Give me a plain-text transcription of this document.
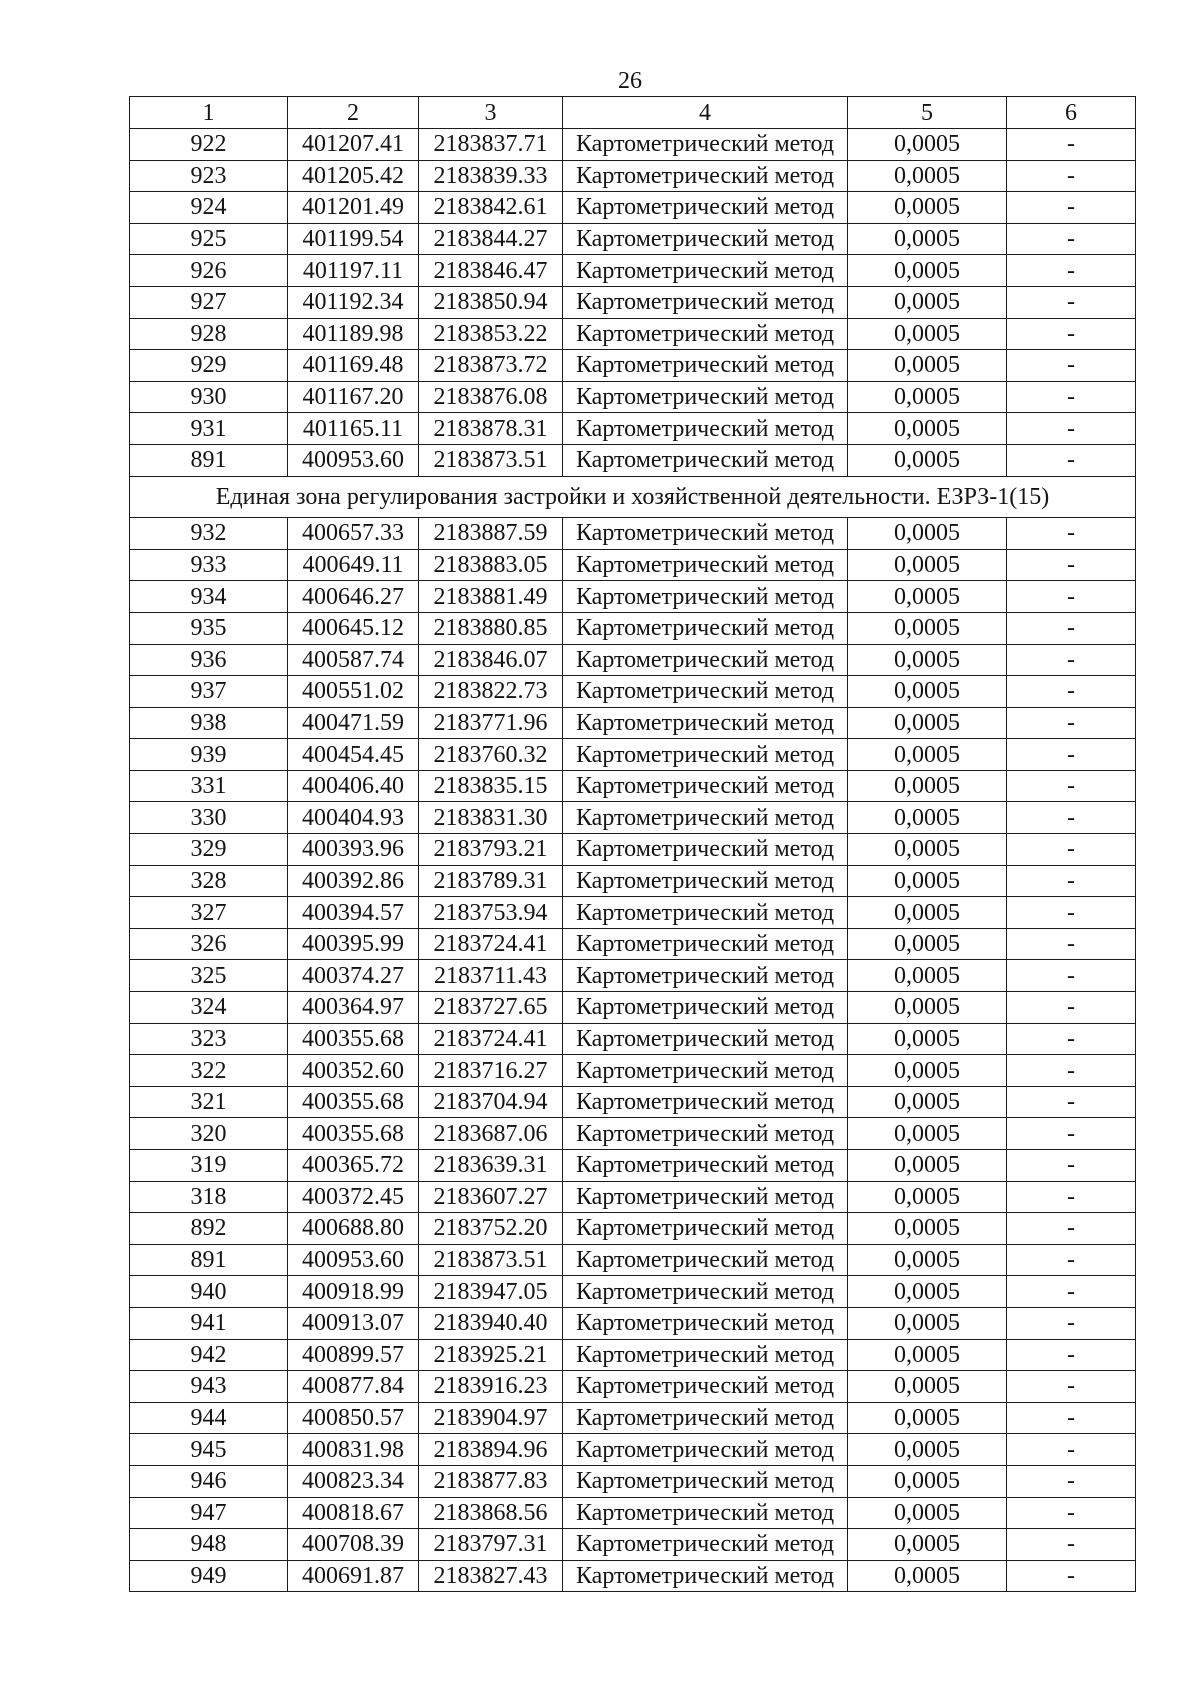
26
1	2	3	4	5	6
922	401207.41	2183837.71	Картометрический метод	0,0005	-
923	401205.42	2183839.33	Картометрический метод	0,0005	-
924	401201.49	2183842.61	Картометрический метод	0,0005	-
925	401199.54	2183844.27	Картометрический метод	0,0005	-
926	401197.11	2183846.47	Картометрический метод	0,0005	-
927	401192.34	2183850.94	Картометрический метод	0,0005	-
928	401189.98	2183853.22	Картометрический метод	0,0005	-
929	401169.48	2183873.72	Картометрический метод	0,0005	-
930	401167.20	2183876.08	Картометрический метод	0,0005	-
931	401165.11	2183878.31	Картометрический метод	0,0005	-
891	400953.60	2183873.51	Картометрический метод	0,0005	-
Единая зона регулирования застройки и хозяйственной деятельности. ЕЗРЗ-1(15)					
932	400657.33	2183887.59	Картометрический метод	0,0005	-
933	400649.11	2183883.05	Картометрический метод	0,0005	-
934	400646.27	2183881.49	Картометрический метод	0,0005	-
935	400645.12	2183880.85	Картометрический метод	0,0005	-
936	400587.74	2183846.07	Картометрический метод	0,0005	-
937	400551.02	2183822.73	Картометрический метод	0,0005	-
938	400471.59	2183771.96	Картометрический метод	0,0005	-
939	400454.45	2183760.32	Картометрический метод	0,0005	-
331	400406.40	2183835.15	Картометрический метод	0,0005	-
330	400404.93	2183831.30	Картометрический метод	0,0005	-
329	400393.96	2183793.21	Картометрический метод	0,0005	-
328	400392.86	2183789.31	Картометрический метод	0,0005	-
327	400394.57	2183753.94	Картометрический метод	0,0005	-
326	400395.99	2183724.41	Картометрический метод	0,0005	-
325	400374.27	2183711.43	Картометрический метод	0,0005	-
324	400364.97	2183727.65	Картометрический метод	0,0005	-
323	400355.68	2183724.41	Картометрический метод	0,0005	-
322	400352.60	2183716.27	Картометрический метод	0,0005	-
321	400355.68	2183704.94	Картометрический метод	0,0005	-
320	400355.68	2183687.06	Картометрический метод	0,0005	-
319	400365.72	2183639.31	Картометрический метод	0,0005	-
318	400372.45	2183607.27	Картометрический метод	0,0005	-
892	400688.80	2183752.20	Картометрический метод	0,0005	-
891	400953.60	2183873.51	Картометрический метод	0,0005	-
940	400918.99	2183947.05	Картометрический метод	0,0005	-
941	400913.07	2183940.40	Картометрический метод	0,0005	-
942	400899.57	2183925.21	Картометрический метод	0,0005	-
943	400877.84	2183916.23	Картометрический метод	0,0005	-
944	400850.57	2183904.97	Картометрический метод	0,0005	-
945	400831.98	2183894.96	Картометрический метод	0,0005	-
946	400823.34	2183877.83	Картометрический метод	0,0005	-
947	400818.67	2183868.56	Картометрический метод	0,0005	-
948	400708.39	2183797.31	Картометрический метод	0,0005	-
949	400691.87	2183827.43	Картометрический метод	0,0005	-
